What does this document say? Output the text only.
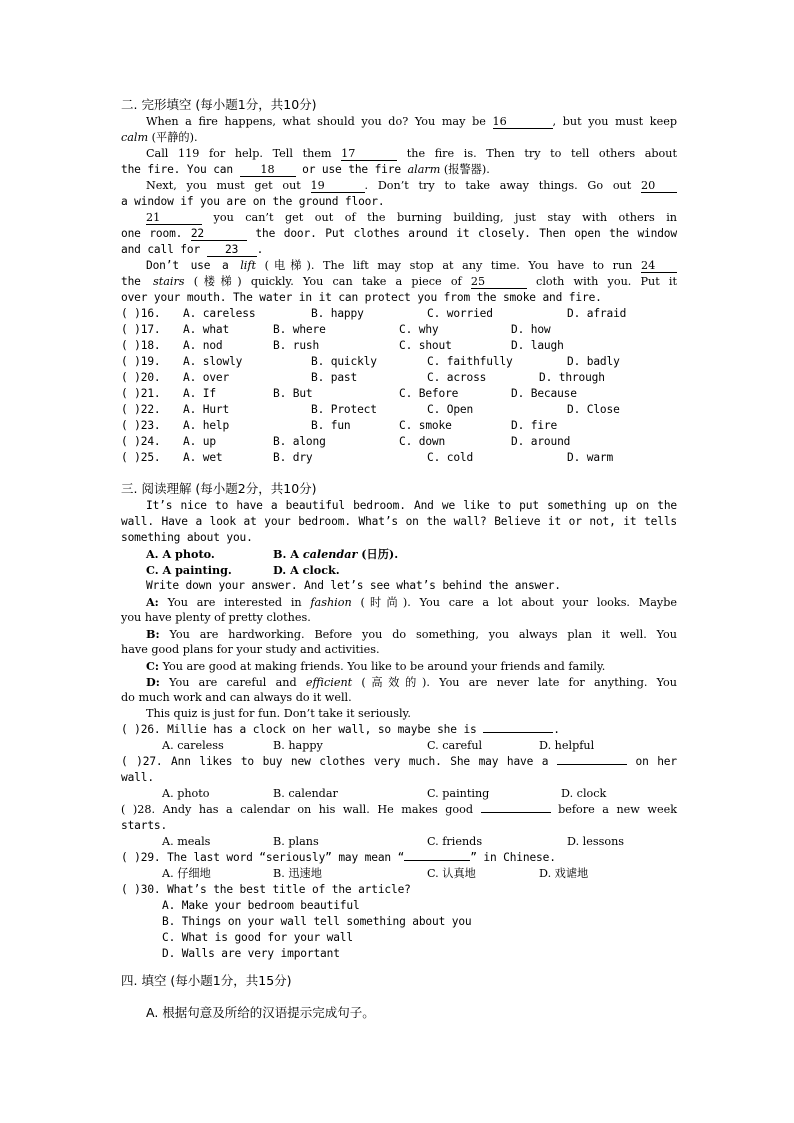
二. 完形填空 (每小题1分，共10分)
When a fire happens, what should you do? You may be 16	, but you must keep
calm (平静的).
Call 119 for help. Tell them 17	the fire is. Then try to tell others about
the fire. You can 18 or use the fire alarm (报警器).
Next, you must get out 19	. Don’t try to take away things. Go out 20
a window if you are on the ground floor.
21	you can’t get out of the burning building, just stay with others in
one room. 22	the door. Put clothes around it closely. Then open the window
and call for 23 .
Don’t use a lift (电梯). The lift may stop at any time. You have to run 24
the stairs (楼梯) quickly. You can take a piece of 25	cloth with you. Put it
over your mouth. The water in it can protect you from the smoke and fire.
( )16. A. careless	B. happy	C. worried	D. afraid
( )17. A. what	B. where	C. why	D. how
( )18. A. nod	B. rush	C. shout	D. laugh
( )19. A. slowly	B. quickly	C. faithfully	D. badly
( )20. A. over	B. past	C. across	D. through
( )21. A. If	B. But	C. Before	D. Because
( )22. A. Hurt	B. Protect	C. Open	D. Close
( )23. A. help	B. fun	C. smoke	D. fire
( )24. A. up	B. along	C. down	D. around
( )25. A. wet	B. dry	C. cold	D. warm
三. 阅读理解 (每小题2分，共10分)
It’s nice to have a beautiful bedroom. And we like to put something up on the
wall. Have a look at your bedroom. What’s on the wall? Believe it or not, it tells
something about you.
A. A photo.	B. A calendar (日历).
C. A painting.	D. A clock.
Write down your answer. And let’s see what’s behind the answer.
A: You are interested in fashion (时尚). You care a lot about your looks. Maybe
you have plenty of pretty clothes.
B: You are hardworking. Before you do something, you always plan it well. You
have good plans for your study and activities.
C: You are good at making friends. You like to be around your friends and family.
D: You are careful and efficient (高效的). You are never late for anything. You
do much work and can always do it well.
This quiz is just for fun. Don’t take it seriously.
( )26. Millie has a clock on her wall, so maybe she is	.
A. careless	B. happy	C. careful	D. helpful
( )27. Ann likes to buy new clothes very much. She may have a	on her
wall.
A. photo	B. calendar	C. painting	D. clock
( )28. Andy has a calendar on his wall. He makes good	before a new week
starts.
A. meals	B. plans	C. friends	D. lessons
( )29. The last word “seriously” may mean “	” in Chinese.
A. 仔细地	B. 迅速地	C. 认真地	D. 戏谑地
( )30. What’s the best title of the article?
A. Make your bedroom beautiful
B. Things on your wall tell something about you
C. What is good for your wall
D. Walls are very important
四. 填空 (每小题1分，共15分)
A. 根据句意及所给的汉语提示完成句子。
